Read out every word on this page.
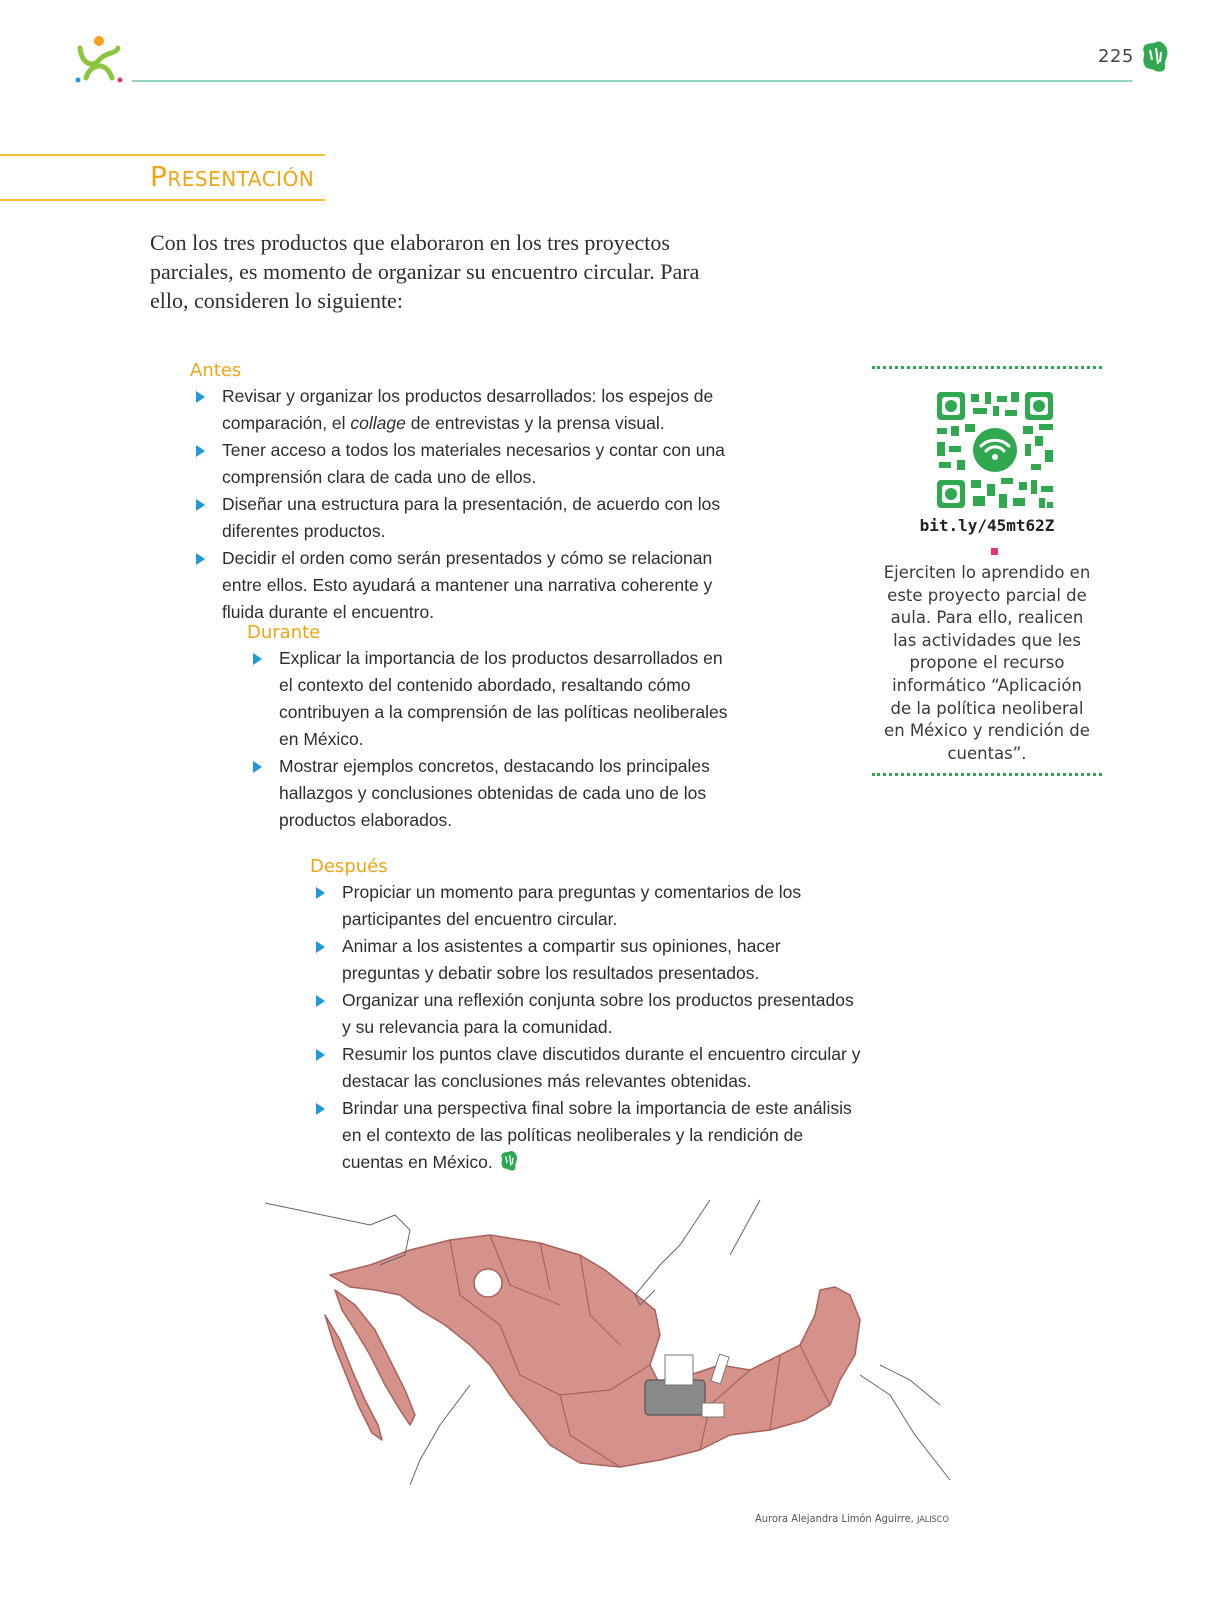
225
Presentación
Con los tres productos que elaboraron en los tres proyectos parciales, es momento de organizar su encuentro circular. Para ello, consideren lo siguiente:
Antes
Revisar y organizar los productos desarrollados: los espejos de comparación, el collage de entrevistas y la prensa visual.
Tener acceso a todos los materiales necesarios y contar con una comprensión clara de cada uno de ellos.
Diseñar una estructura para la presentación, de acuerdo con los diferentes productos.
Decidir el orden como serán presentados y cómo se relacionan entre ellos. Esto ayudará a mantener una narrativa coherente y fluida durante el encuentro.
Durante
Explicar la importancia de los productos desarrollados en el contexto del contenido abordado, resaltando cómo contribuyen a la comprensión de las políticas neoliberales en México.
Mostrar ejemplos concretos, destacando los principales hallazgos y conclusiones obtenidas de cada uno de los productos elaborados.
Después
Propiciar un momento para preguntas y comentarios de los participantes del encuentro circular.
Animar a los asistentes a compartir sus opiniones, hacer preguntas y debatir sobre los resultados presentados.
Organizar una reflexión conjunta sobre los productos presentados y su relevancia para la comunidad.
Resumir los puntos clave discutidos durante el encuentro circular y destacar las conclusiones más relevantes obtenidas.
Brindar una perspectiva final sobre la importancia de este análisis en el contexto de las políticas neoliberales y la rendición de cuentas en México.
bit.ly/45mt62Z
Ejerciten lo aprendido en este proyecto parcial de aula. Para ello, realicen las actividades que les propone el recurso informático “Aplicación de la política neoliberal en México y rendición de cuentas”.
Aurora Alejandra Limón Aguirre, JALISCO
